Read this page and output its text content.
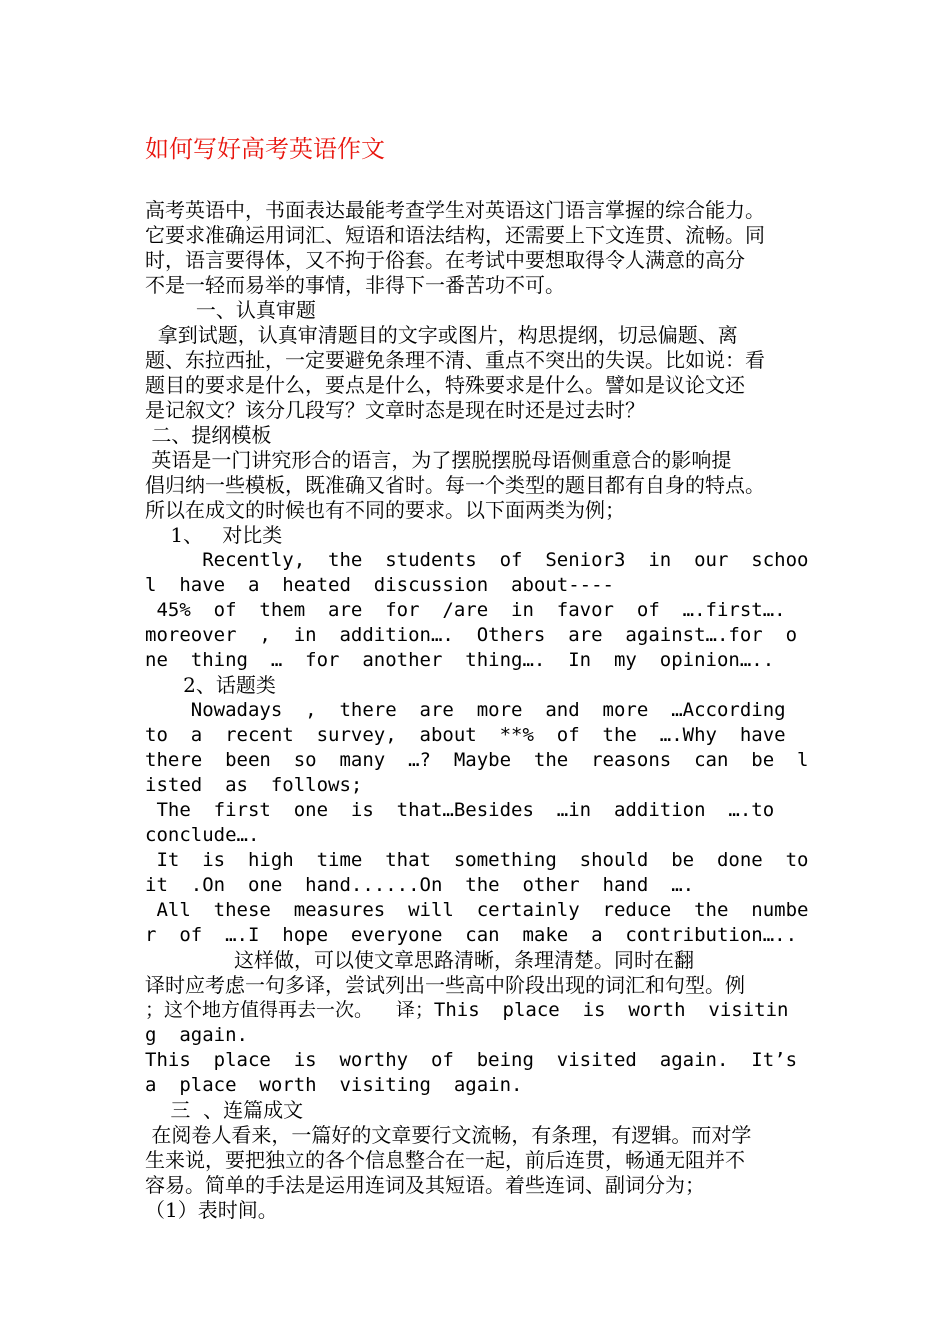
如何写好高考英语作文
高考英语中，书面表达最能考查学生对英语这门语言掌握的综合能力。
它要求准确运用词汇、短语和语法结构，还需要上下文连贯、流畅。同
时，语言要得体，又不拘于俗套。在考试中要想取得令人满意的高分
不是一轻而易举的事情，非得下一番苦功不可。
一、认真审题
拿到试题，认真审清题目的文字或图片，构思提纲，切忌偏题、离
题、东拉西扯，一定要避免条理不清、重点不突出的失误。比如说：看
题目的要求是什么，要点是什么，特殊要求是什么。譬如是议论文还
是记叙文？该分几段写？文章时态是现在时还是过去时？
二、提纲模板
英语是一门讲究形合的语言，为了摆脱摆脱母语侧重意合的影响提
倡归纳一些模板，既准确又省时。每一个类型的题目都有自身的特点。
所以在成文的时候也有不同的要求。以下面两类为例；
1、   对比类
Recently,  the  students  of  Senior3  in  our  schoo
l  have  a  heated  discussion  about----
45%  of  them  are  for  /are  in  favor  of  ….first….
moreover  ,  in  addition….  Others  are  against….for  o
ne  thing  …  for  another  thing….  In  my  opinion…..
2、话题类
Nowadays  ,  there  are  more  and  more  …According
to  a  recent  survey,  about  **%  of  the  ….Why  have
there  been  so  many  …?  Maybe  the  reasons  can  be  l
isted  as  follows;
The  first  one  is  that…Besides  …in  addition  ….to
conclude….
It  is  high  time  that  something  should  be  done  to
it  .On  one  hand......On  the  other  hand  ….
All  these  measures  will  certainly  reduce  the  numbe
r  of  ….I  hope  everyone  can  make  a  contribution…..
这样做，可以使文章思路清晰，条理清楚。同时在翻
译时应考虑一句多译，尝试列出一些高中阶段出现的词汇和句型。例
；这个地方值得再去一次。  译；This  place  is  worth  visitin
g  again.
This  place  is  worthy  of  being  visited  again.  It’s
a  place  worth  visiting  again.
三  、连篇成文
在阅卷人看来，一篇好的文章要行文流畅，有条理，有逻辑。而对学
生来说，要把独立的各个信息整合在一起，前后连贯，畅通无阻并不
容易。简单的手法是运用连词及其短语。着些连词、副词分为；
（1）表时间。
